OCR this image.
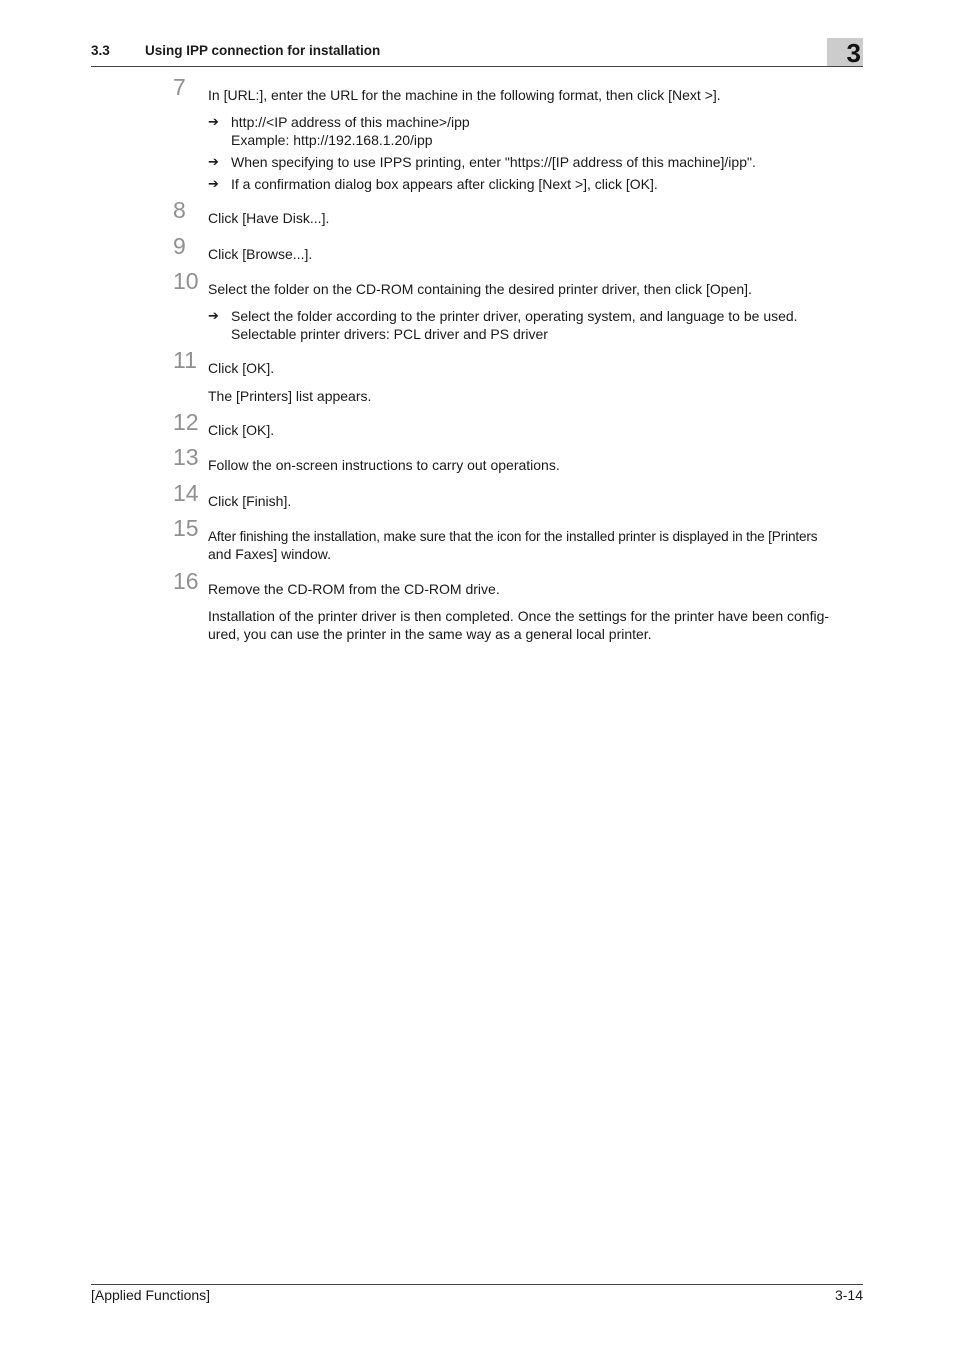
3.3	Using IPP connection for installation	3
7 In [URL:], enter the URL for the machine in the following format, then click [Next >].
➔ http://<IP address of this machine>/ipp
Example: http://192.168.1.20/ipp
➔ When specifying to use IPPS printing, enter "https://[IP address of this machine]/ipp".
➔ If a confirmation dialog box appears after clicking [Next >], click [OK].
8 Click [Have Disk...].
9 Click [Browse...].
10 Select the folder on the CD-ROM containing the desired printer driver, then click [Open].
➔ Select the folder according to the printer driver, operating system, and language to be used.
Selectable printer drivers: PCL driver and PS driver
11 Click [OK].
The [Printers] list appears.
12 Click [OK].
13 Follow the on-screen instructions to carry out operations.
14 Click [Finish].
15 After finishing the installation, make sure that the icon for the installed printer is displayed in the [Printers
and Faxes] window.
16 Remove the CD-ROM from the CD-ROM drive.
Installation of the printer driver is then completed. Once the settings for the printer have been config-
ured, you can use the printer in the same way as a general local printer.
[Applied Functions]	3-14
